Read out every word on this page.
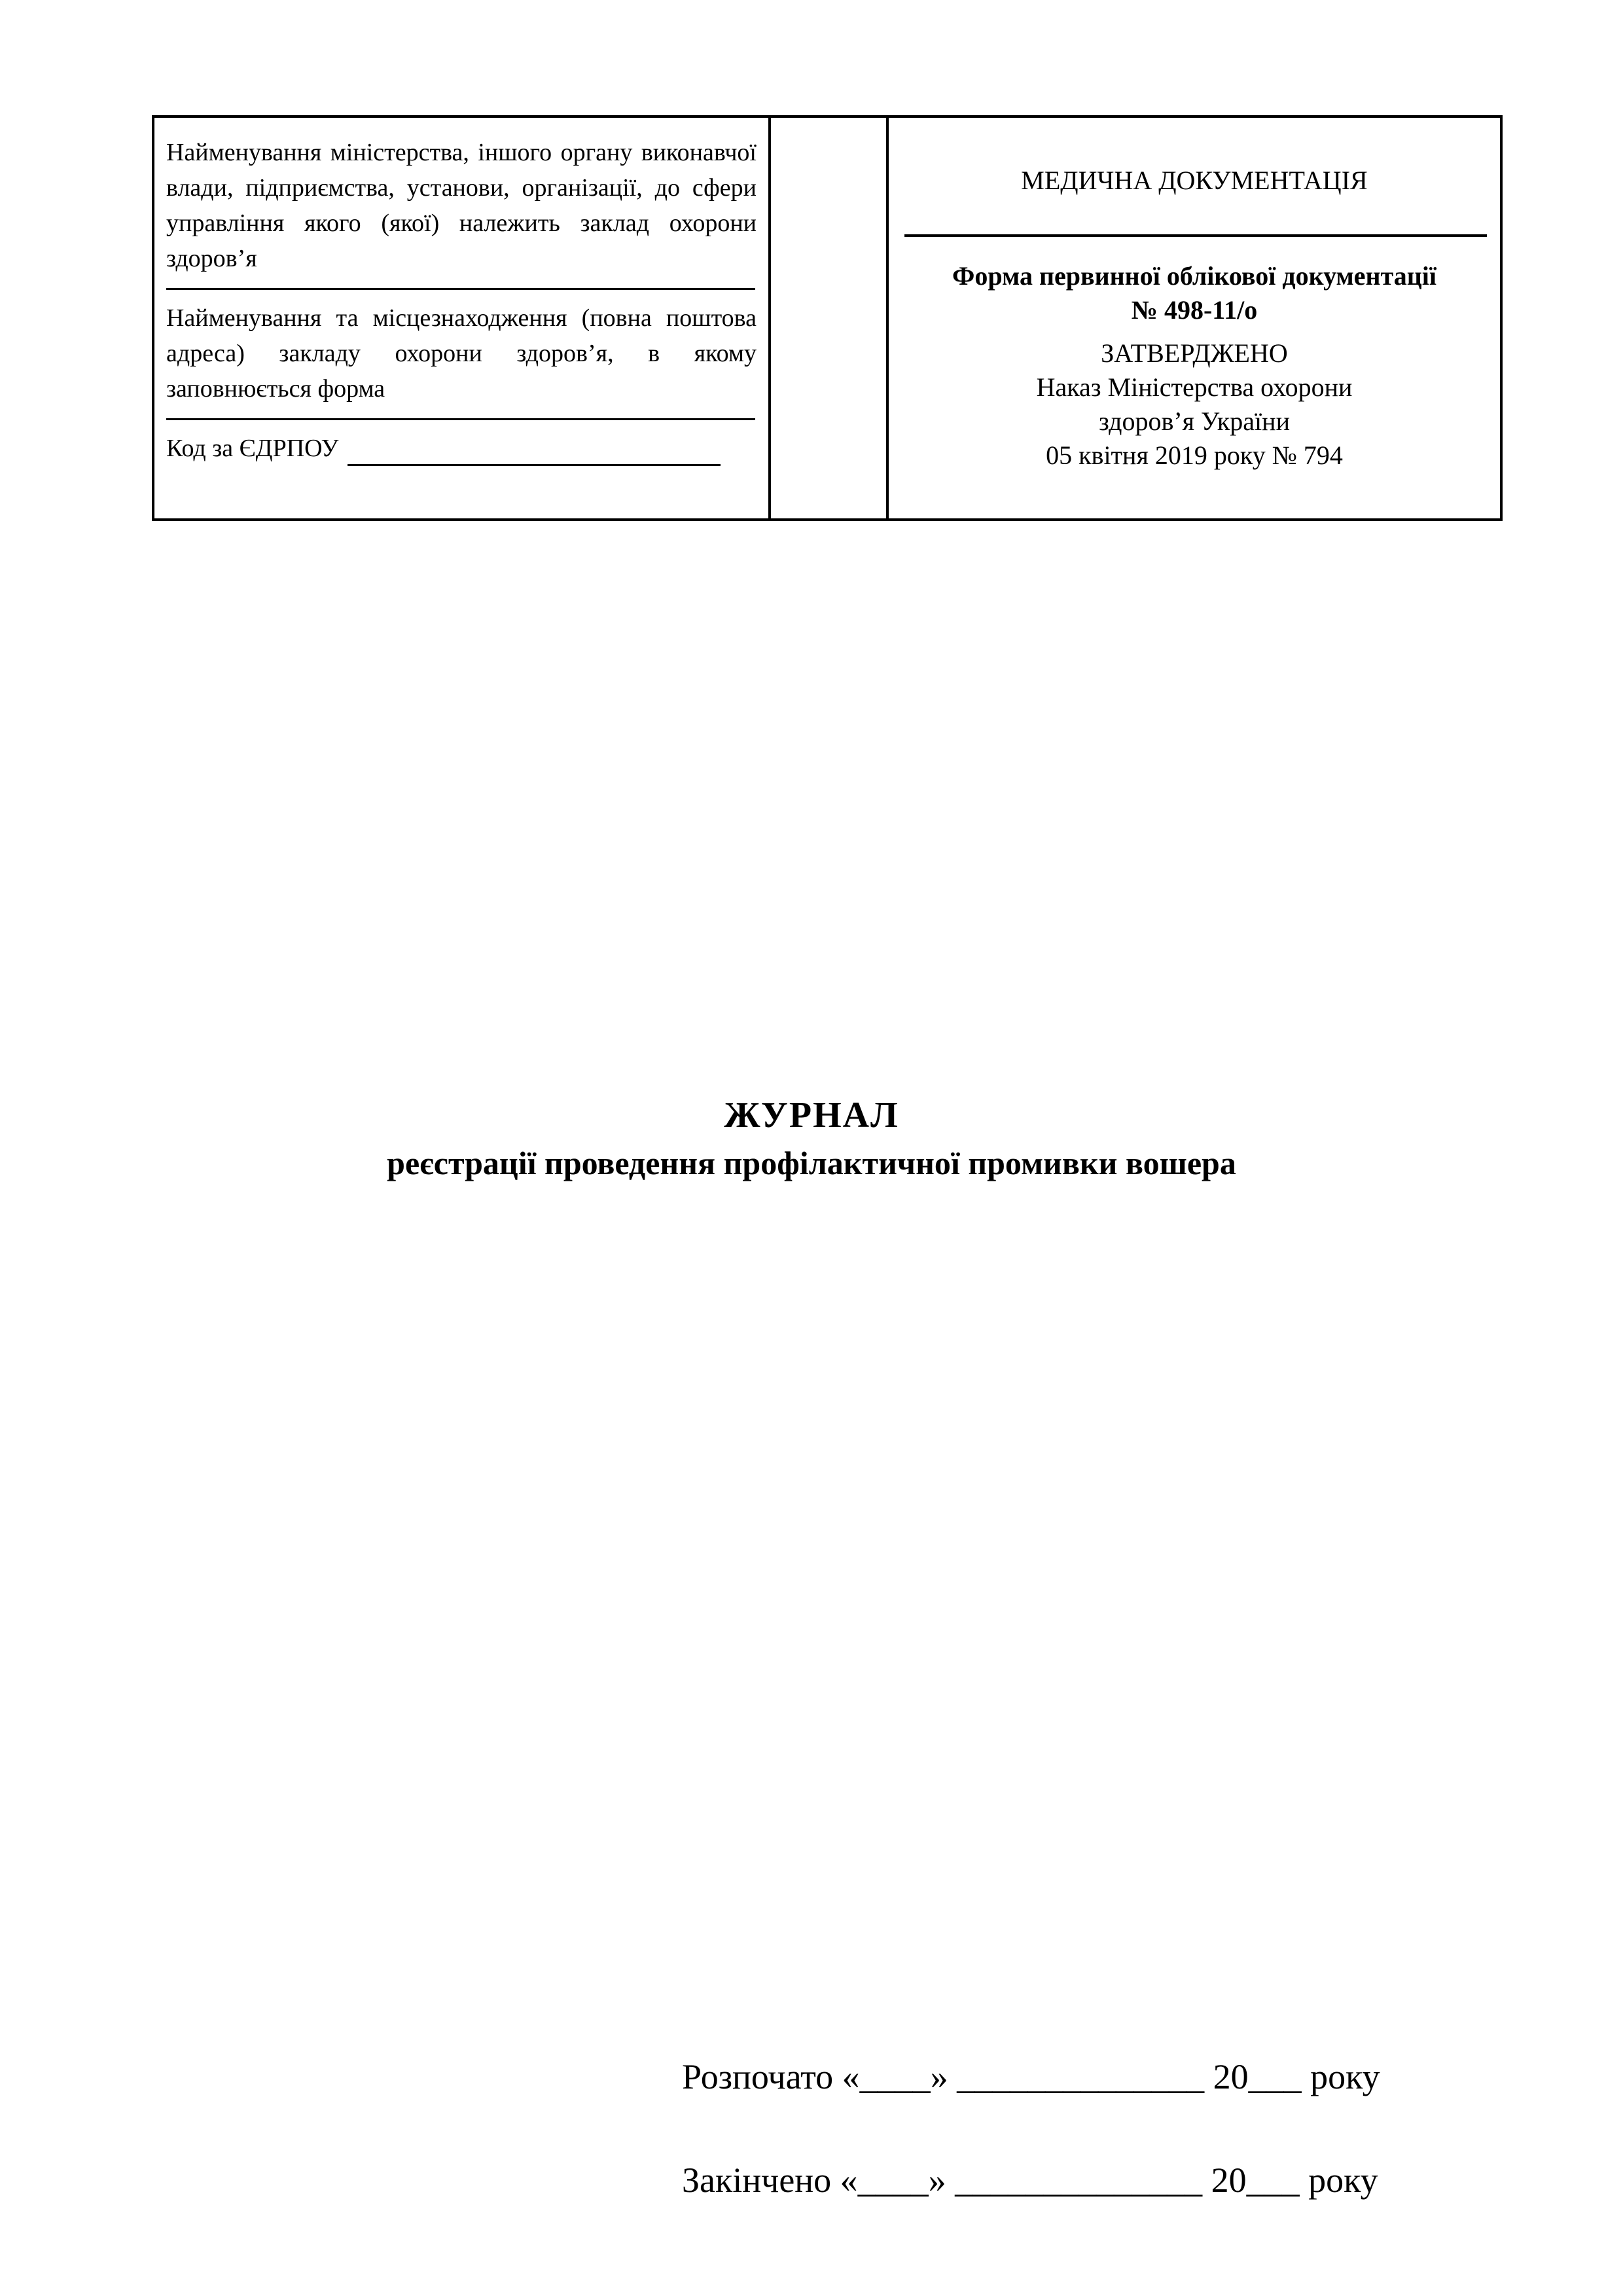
Найменування міністерства, іншого органу виконавчої влади, підприємства, установи, організації, до сфери управління якого (якої) належить заклад охорони здоров’я
Найменування та місцезнаходження (повна поштова адреса) закладу охорони здоров’я, в якому заповнюється форма
Код за ЄДРПОУ

МЕДИЧНА ДОКУМЕНТАЦІЯ
Форма первинної облікової документації
№ 498-11/о
ЗАТВЕРДЖЕНО
Наказ Міністерства охорони
здоров’я України
05 квітня 2019 року № 794
ЖУРНАЛ
реєстрації проведення профілактичної промивки вошера
Розпочато «____» ______________ 20___ року
Закінчено «____» ______________ 20___ року
